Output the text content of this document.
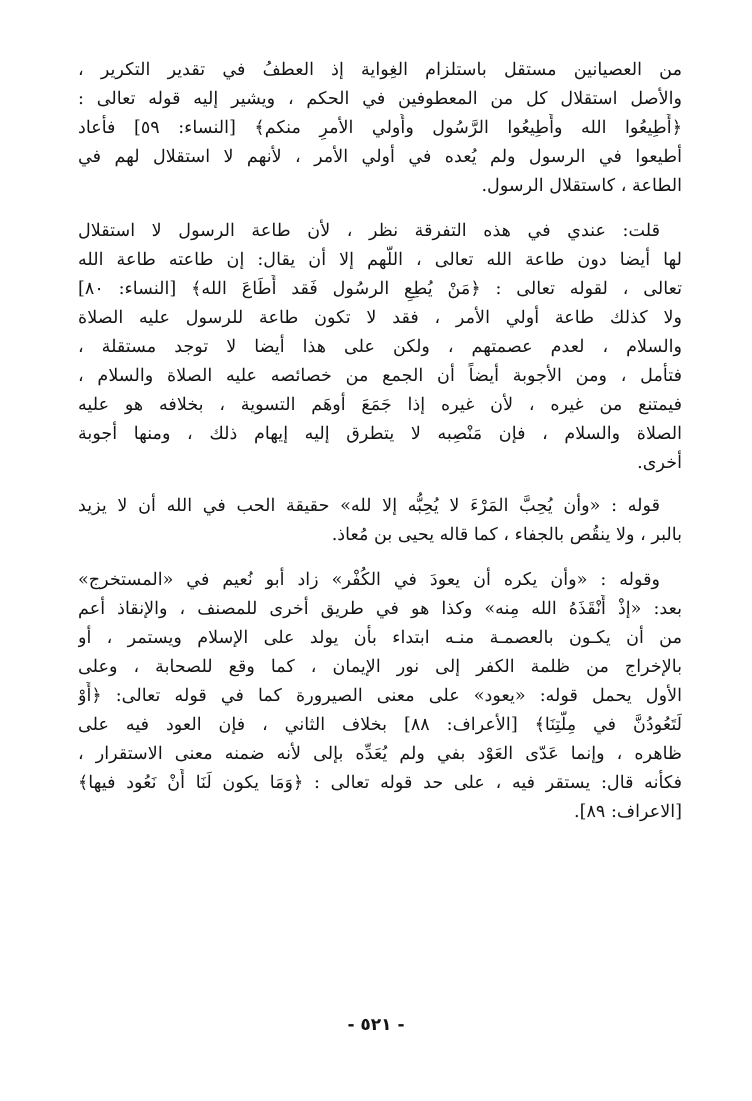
من العصيانين مستقل باستلزام الغِواية إذ العطفُ في تقدير التكرير ،
والأصل استقلال كل من المعطوفين في الحكم ، ويشير إليه قوله تعالى :
﴿أَطِيعُوا الله وأَطِيعُوا الرَّسُول وأُولي الأمرِ منكم﴾ [النساء: ٥٩] فأعاد
أطيعوا في الرسول ولم يُعده في أولي الأمر ، لأنهم لا استقلال لهم في
الطاعة ، كاستقلال الرسول.
قلت: عندي في هذه التفرقة نظر ، لأن طاعة الرسول لا استقلال
لها أيضا دون طاعة الله تعالى ، اللّهم إلا أن يقال: إن طاعته طاعة الله
تعالى ، لقوله تعالى : ﴿مَنْ يُطِعِ الرسُول فَقد أَطَاعَ الله﴾ [النساء: ٨٠]
ولا كذلك طاعة أولي الأمر ، فقد لا تكون طاعة للرسول عليه الصلاة
والسلام ، لعدم عصمتهم ، ولكن على هذا أيضا لا توجد مستقلة ،
فتأمل ، ومن الأجوبة أيضاً أن الجمع من خصائصه عليه الصلاة والسلام ،
فيمتنع من غيره ، لأن غيره إذا جَمَعَ أوهَم التسوية ، بخلافه هو عليه
الصلاة والسلام ، فإن مَنْصِبه لا يتطرق إليه إيهام ذلك ، ومنها أجوبة
أخرى.
قوله : «وأن يُحِبَّ المَرْءَ لا يُحِبُّه إلا لله» حقيقة الحب في الله أن لا يزيد
بالبر ، ولا ينقُص بالجفاء ، كما قاله يحيى بن مُعاذ.
وقوله : «وأن يكره أن يعودَ في الكُفْر» زاد أبو نُعيم في «المستخرج»
بعد: «إذْ أَنْقَذَهُ الله مِنه» وكذا هو في طريق أخرى للمصنف ، والإنقاذ أعم
من أن يكـون بالعصمـة منـه ابتداء بأن يولد على الإسلام ويستمر ، أو
بالإخراج من ظلمة الكفر إلى نور الإيمان ، كما وقع للصحابة ، وعلى
الأول يحمل قوله: «يعود» على معنى الصيرورة كما في قوله تعالى: ﴿أَوْ
لَتَعُودُنَّ في مِلَّتِنَا﴾ [الأعراف: ٨٨] بخلاف الثاني ، فإن العود فيه على
ظاهره ، وإنما عَدّى العَوْد بفي ولم يُعَدِّه بإلى لأنه ضمنه معنى الاستقرار ،
فكأنه قال: يستقر فيه ، على حد قوله تعالى : ﴿وَمَا يكون لَنَا أَنْ نَعُود فيها﴾
[الاعراف: ٨٩].
- ٥٢١ -
